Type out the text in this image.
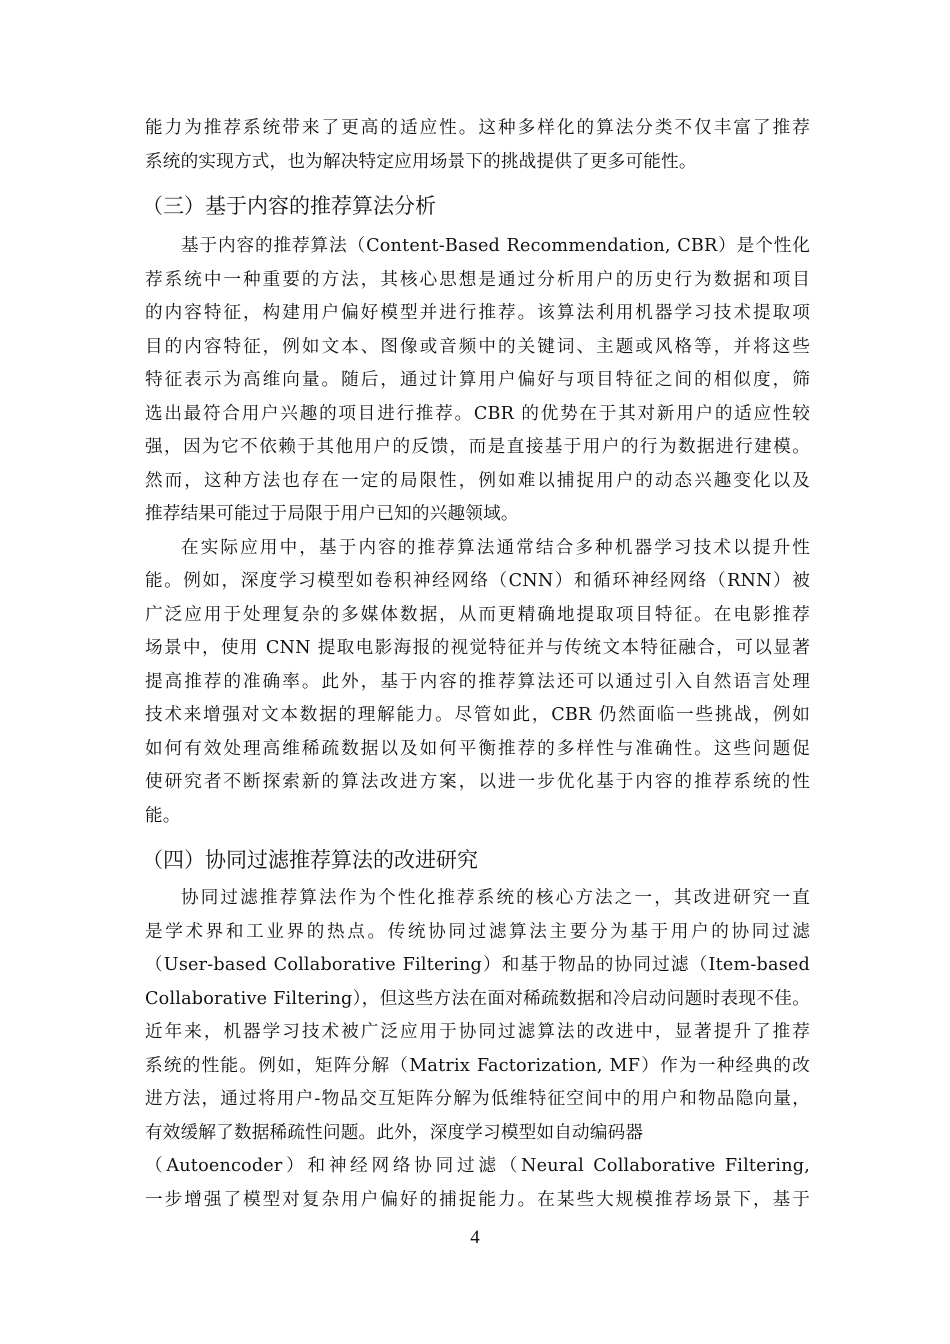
能力为推荐系统带来了更高的适应性。这种多样化的算法分类不仅丰富了推荐
系统的实现方式，也为解决特定应用场景下的挑战提供了更多可能性。
（三）基于内容的推荐算法分析
基于内容的推荐算法（Content-Based Recommendation, CBR）是个性化
荐系统中一种重要的方法，其核心思想是通过分析用户的历史行为数据和项目
的内容特征，构建用户偏好模型并进行推荐。该算法利用机器学习技术提取项
目的内容特征，例如文本、图像或音频中的关键词、主题或风格等，并将这些
特征表示为高维向量。随后，通过计算用户偏好与项目特征之间的相似度，筛
选出最符合用户兴趣的项目进行推荐。CBR 的优势在于其对新用户的适应性较
强，因为它不依赖于其他用户的反馈，而是直接基于用户的行为数据进行建模。
然而，这种方法也存在一定的局限性，例如难以捕捉用户的动态兴趣变化以及
推荐结果可能过于局限于用户已知的兴趣领域。
在实际应用中，基于内容的推荐算法通常结合多种机器学习技术以提升性
能。例如，深度学习模型如卷积神经网络（CNN）和循环神经网络（RNN）被
广泛应用于处理复杂的多媒体数据，从而更精确地提取项目特征。在电影推荐
场景中，使用 CNN 提取电影海报的视觉特征并与传统文本特征融合，可以显著
提高推荐的准确率。此外，基于内容的推荐算法还可以通过引入自然语言处理
技术来增强对文本数据的理解能力。尽管如此，CBR 仍然面临一些挑战，例如
如何有效处理高维稀疏数据以及如何平衡推荐的多样性与准确性。这些问题促
使研究者不断探索新的算法改进方案，以进一步优化基于内容的推荐系统的性
能。
（四）协同过滤推荐算法的改进研究
协同过滤推荐算法作为个性化推荐系统的核心方法之一，其改进研究一直
是学术界和工业界的热点。传统协同过滤算法主要分为基于用户的协同过滤
（User-based Collaborative Filtering）和基于物品的协同过滤（Item-based
Collaborative Filtering），但这些方法在面对稀疏数据和冷启动问题时表现不佳。
近年来，机器学习技术被广泛应用于协同过滤算法的改进中，显著提升了推荐
系统的性能。例如，矩阵分解（Matrix Factorization, MF）作为一种经典的改
进方法，通过将用户-物品交互矩阵分解为低维特征空间中的用户和物品隐向量，
有效缓解了数据稀疏性问题。此外，深度学习模型如自动编码器
（Autoencoder）和神经网络协同过滤（Neural Collaborative Filtering,
一步增强了模型对复杂用户偏好的捕捉能力。在某些大规模推荐场景下，基于
4
